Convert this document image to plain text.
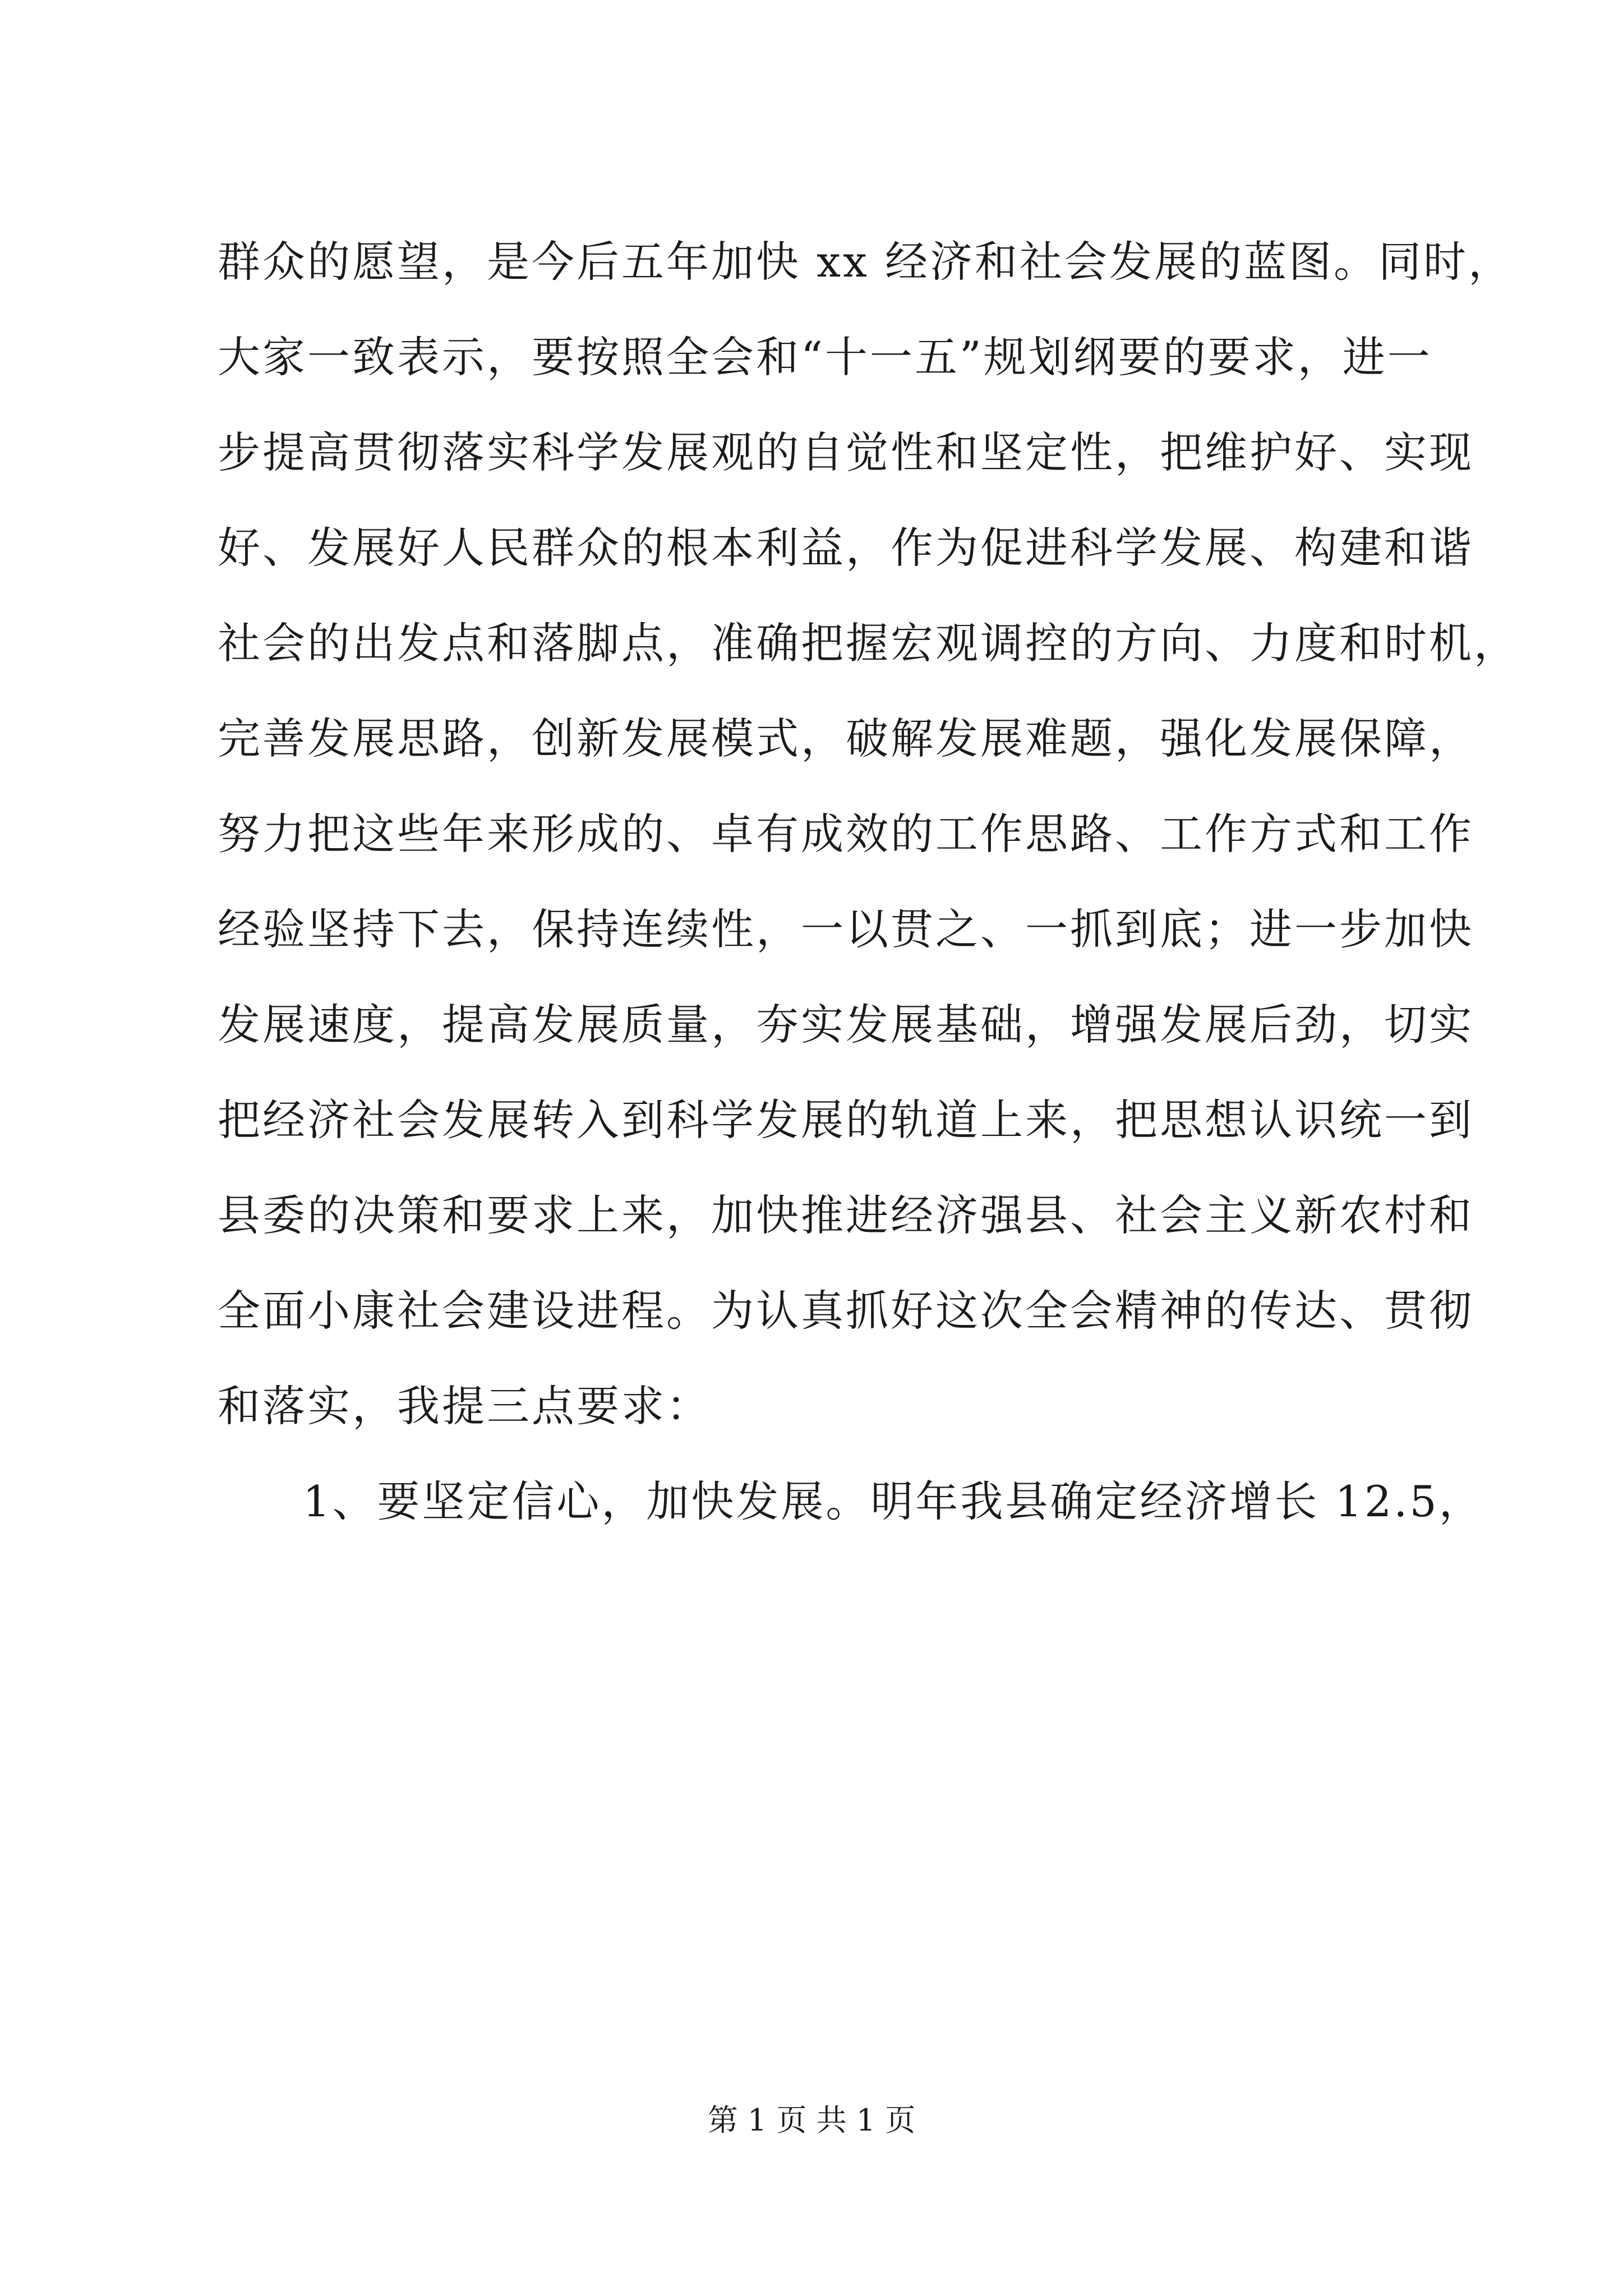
群众的愿望，是今后五年加快 xx 经济和社会发展的蓝图。同时，
大家一致表示，要按照全会和“十一五”规划纲要的要求，进一
步提高贯彻落实科学发展观的自觉性和坚定性，把维护好、实现
好、发展好人民群众的根本利益，作为促进科学发展、构建和谐
社会的出发点和落脚点，准确把握宏观调控的方向、力度和时机，
完善发展思路，创新发展模式，破解发展难题，强化发展保障，
努力把这些年来形成的、卓有成效的工作思路、工作方式和工作
经验坚持下去，保持连续性，一以贯之、一抓到底；进一步加快
发展速度，提高发展质量，夯实发展基础，增强发展后劲，切实
把经济社会发展转入到科学发展的轨道上来，把思想认识统一到
县委的决策和要求上来，加快推进经济强县、社会主义新农村和
全面小康社会建设进程。为认真抓好这次全会精神的传达、贯彻
和落实，我提三点要求：
1、要坚定信心，加快发展。明年我县确定经济增长 12.5，
第 1 页 共 1 页
